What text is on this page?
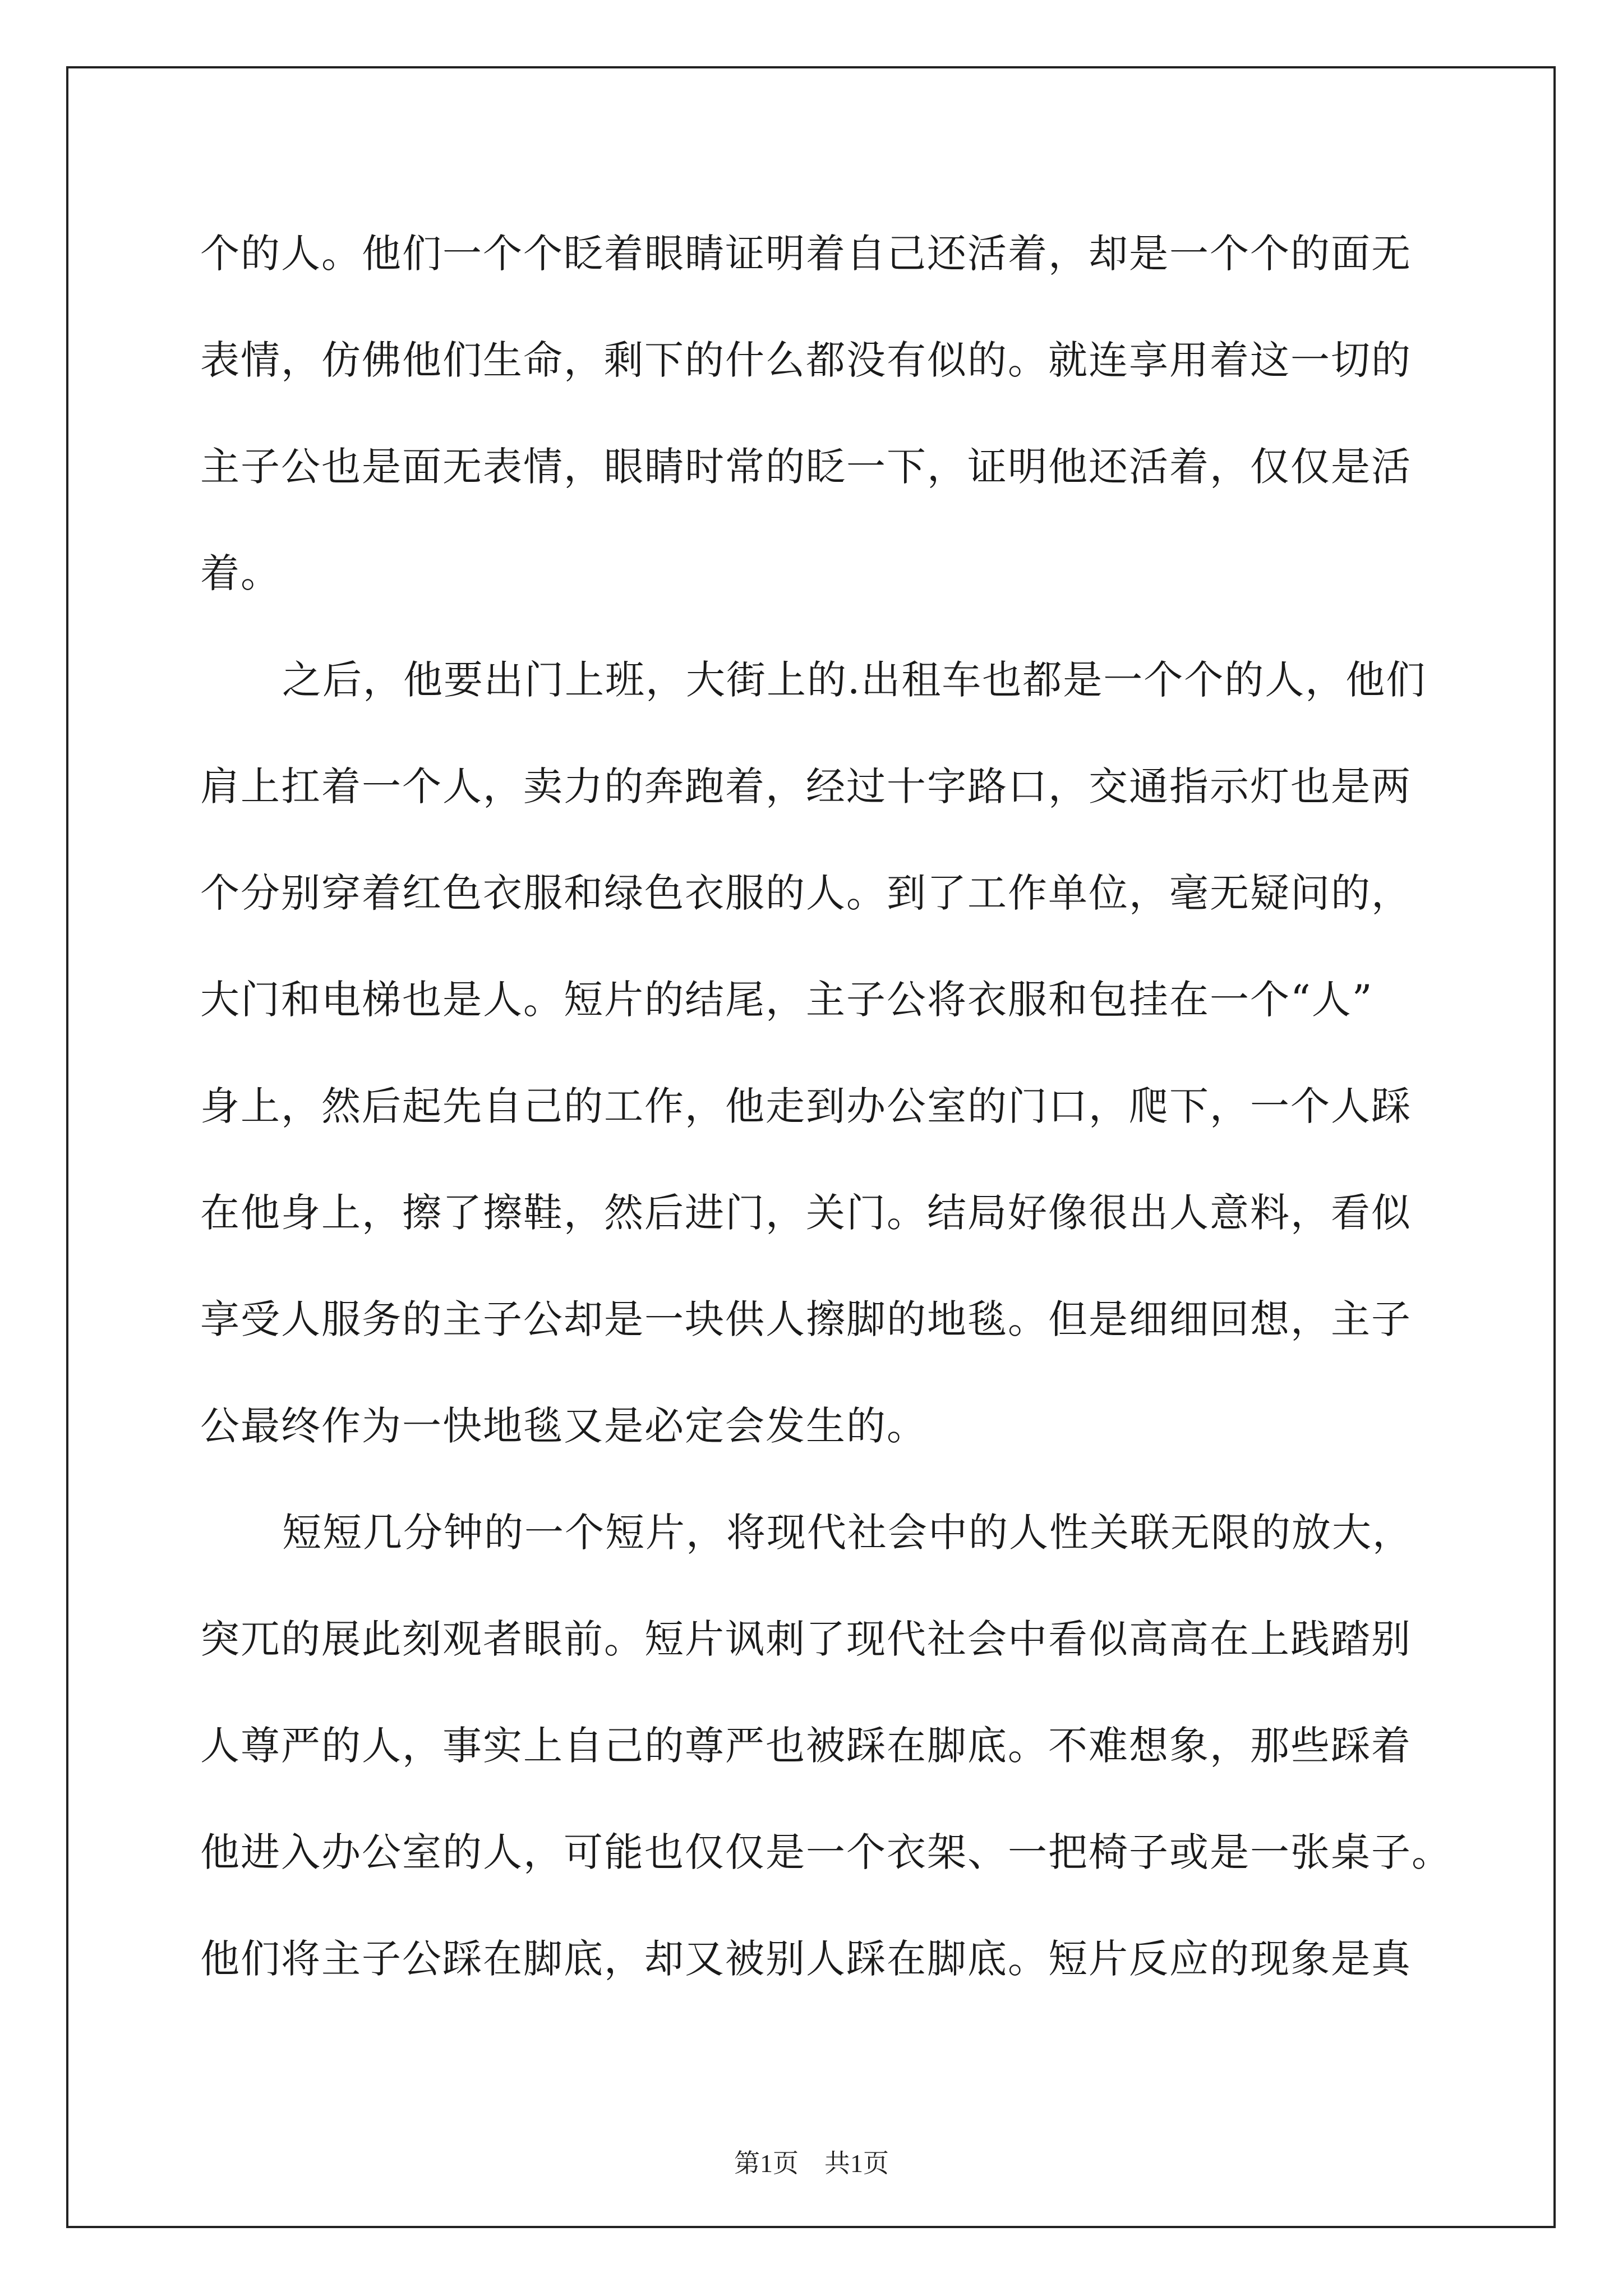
个的人。他们一个个眨着眼睛证明着自己还活着，却是一个个的面无
表情，仿佛他们生命，剩下的什么都没有似的。就连享用着这一切的
主子公也是面无表情，眼睛时常的眨一下，证明他还活着，仅仅是活
着。
之后，他要出门上班，大街上的.出租车也都是一个个的人，他们
肩上扛着一个人，卖力的奔跑着，经过十字路口，交通指示灯也是两
个分别穿着红色衣服和绿色衣服的人。到了工作单位，毫无疑问的，
大门和电梯也是人。短片的结尾，主子公将衣服和包挂在一个“人”
身上，然后起先自己的工作，他走到办公室的门口，爬下，一个人踩
在他身上，擦了擦鞋，然后进门，关门。结局好像很出人意料，看似
享受人服务的主子公却是一块供人擦脚的地毯。但是细细回想，主子
公最终作为一快地毯又是必定会发生的。
短短几分钟的一个短片，将现代社会中的人性关联无限的放大，
突兀的展此刻观者眼前。短片讽刺了现代社会中看似高高在上践踏别
人尊严的人，事实上自己的尊严也被踩在脚底。不难想象，那些踩着
他进入办公室的人，可能也仅仅是一个衣架、一把椅子或是一张桌子。
他们将主子公踩在脚底，却又被别人踩在脚底。短片反应的现象是真
第1页 共1页
